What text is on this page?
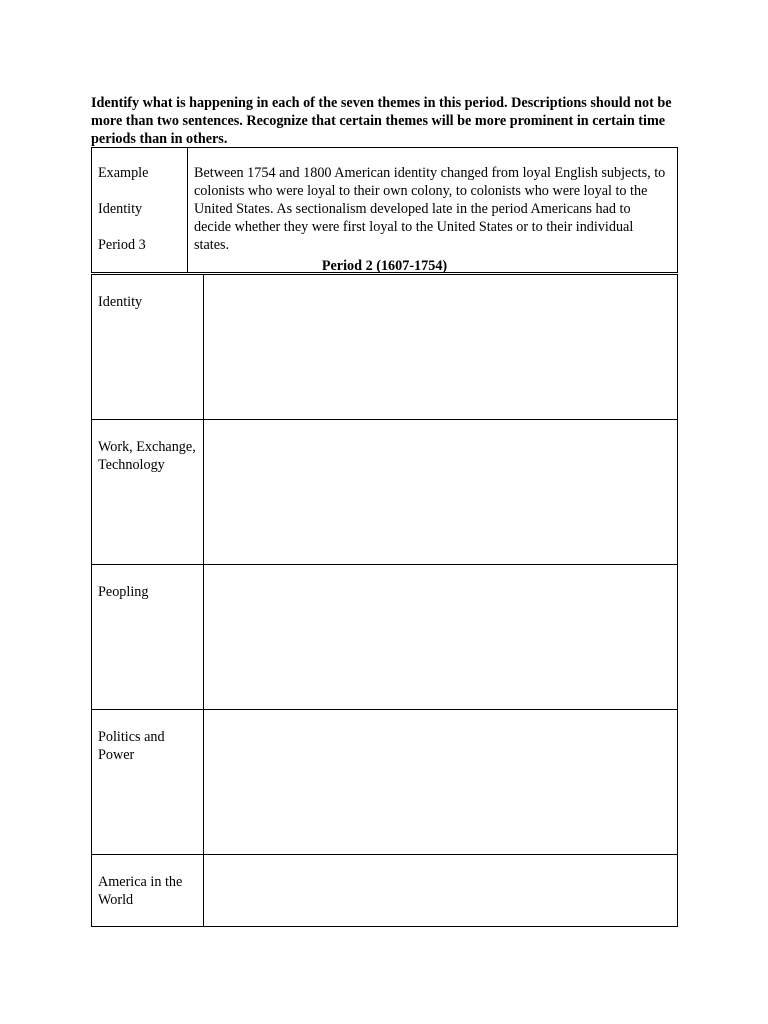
Identify what is happening in each of the seven themes in this period. Descriptions should not be more than two sentences. Recognize that certain themes will be more prominent in certain time periods than in others.

Example
Identity
Period 3
	Between 1754 and 1800 American identity changed from loyal English subjects, to colonists who were loyal to their own colony, to colonists who were loyal to the United States. As sectionalism developed late in the period Americans had to decide whether they were first loyal to the United States or to their individual states.

Period 2 (1607-1754)

Identity	
Work, Exchange, Technology	
Peopling	
Politics and Power	
America in the World	
